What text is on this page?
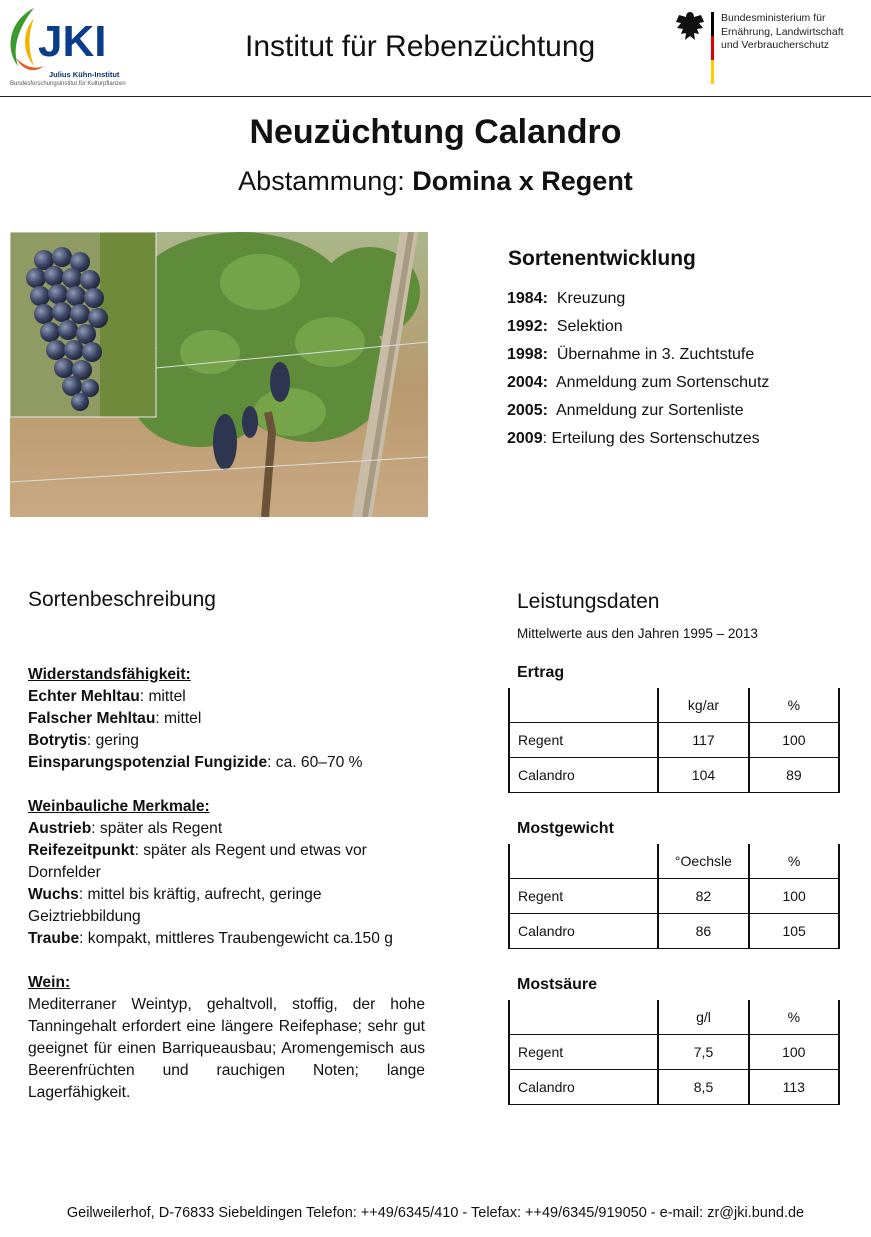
JKI
Julius Kühn-Institut
Bundesforschungsinstitut für Kulturpflanzen
Institut für Rebenzüchtung
Bundesministerium für
Ernährung, Landwirtschaft
und Verbraucherschutz
Neuzüchtung Calandro
Abstammung: Domina x Regent
Sortenentwicklung
1984: Kreuzung
1992: Selektion
1998: Übernahme in 3. Zuchtstufe
2004: Anmeldung zum Sortenschutz
2005: Anmeldung zur Sortenliste
2009: Erteilung des Sortenschutzes
Sortenbeschreibung
Widerstandsfähigkeit:
Echter Mehltau: mittel
Falscher Mehltau: mittel
Botrytis: gering
Einsparungspotenzial Fungizide: ca. 60–70 %
Weinbauliche Merkmale:
Austrieb: später als Regent
Reifezeitpunkt: später als Regent und etwas vor Dornfelder
Wuchs: mittel bis kräftig, aufrecht, geringe Geiztriebbildung
Traube: kompakt, mittleres Traubengewicht ca.150 g
Wein:
Mediterraner Weintyp, gehaltvoll, stoffig, der hohe Tanningehalt erfordert eine längere Reifephase; sehr gut geeignet für einen Barriqueausbau; Aromengemisch aus Beerenfrüchten und rauchigen Noten; lange Lagerfähigkeit.
Leistungsdaten
Mittelwerte aus den Jahren 1995 – 2013
Ertrag
	kg/ar	%
Regent	117	100
Calandro	104	89
Mostgewicht
	°Oechsle	%
Regent	82	100
Calandro	86	105
Mostsäure
	g/l	%
Regent	7,5	100
Calandro	8,5	113
Geilweilerhof, D-76833 Siebeldingen Telefon: ++49/6345/410 - Telefax: ++49/6345/919050 - e-mail: zr@jki.bund.de
